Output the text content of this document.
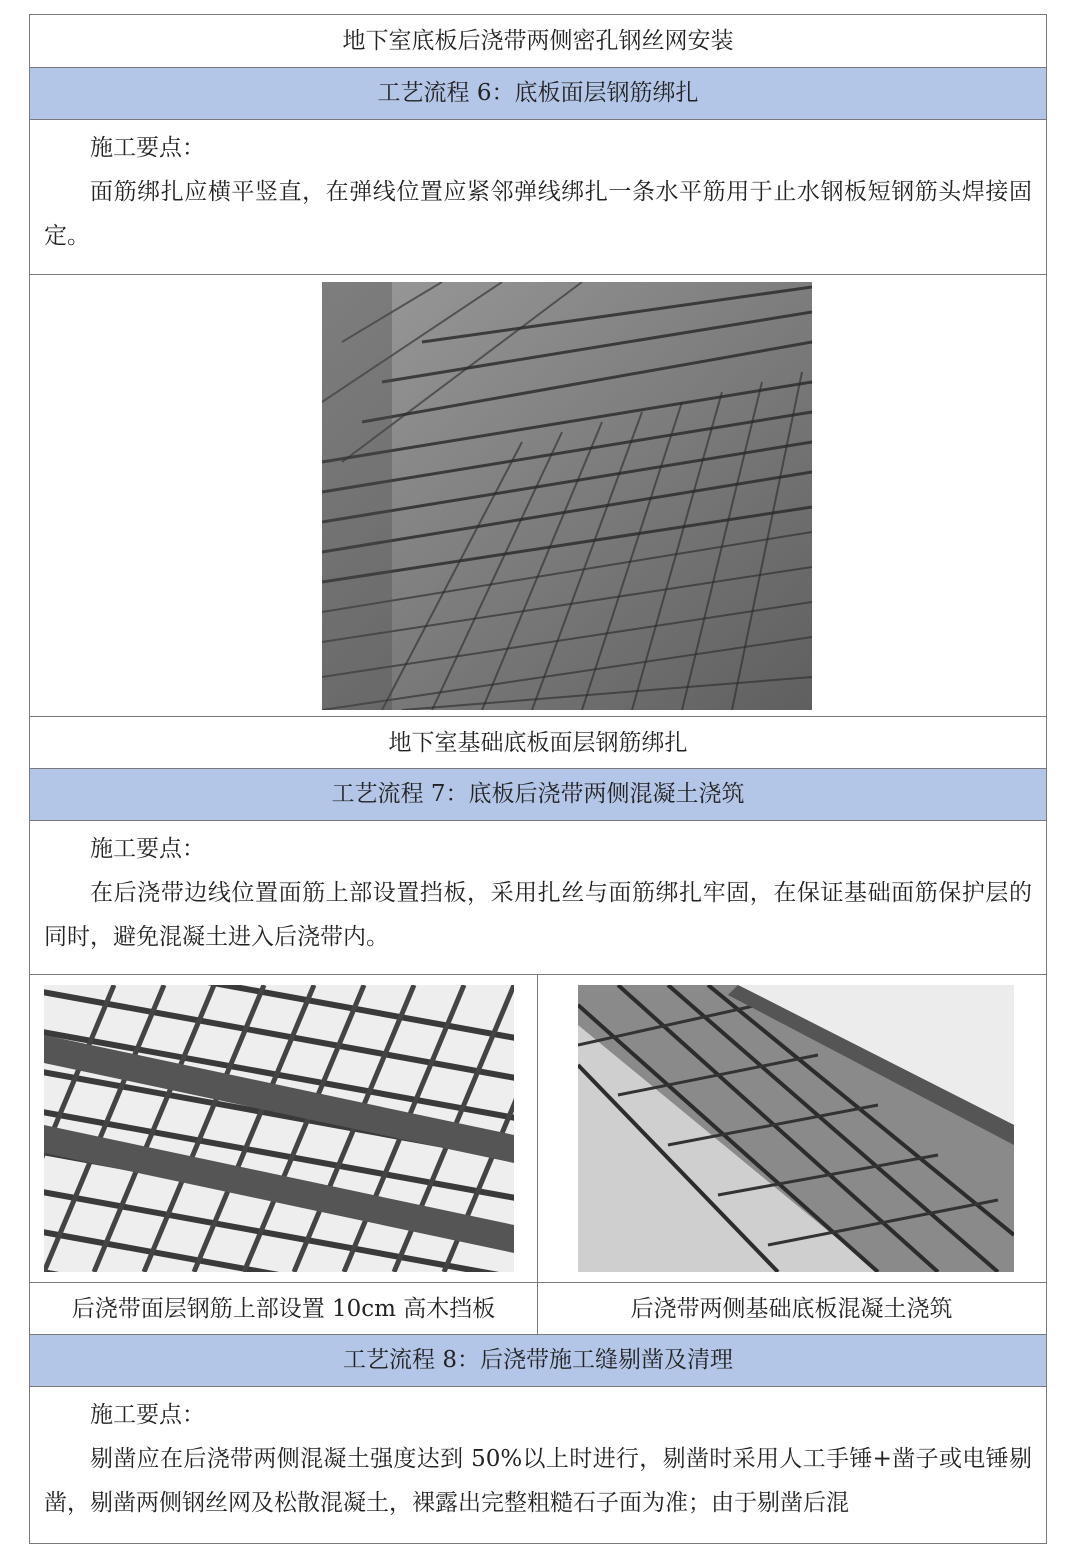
地下室底板后浇带两侧密孔钢丝网安装
工艺流程 6：底板面层钢筋绑扎

施工要点：

面筋绑扎应横平竖直，在弹线位置应紧邻弹线绑扎一条水平筋用于止水钢板短钢筋头焊接固定。

地下室基础底板面层钢筋绑扎
工艺流程 7：底板后浇带两侧混凝土浇筑

施工要点：

在后浇带边线位置面筋上部设置挡板，采用扎丝与面筋绑扎牢固，在保证基础面筋保护层的同时，避免混凝土进入后浇带内。

后浇带面层钢筋上部设置 10cm 高木挡板	后浇带两侧基础底板混凝土浇筑
工艺流程 8：后浇带施工缝剔凿及清理

施工要点：

剔凿应在后浇带两侧混凝土强度达到 50%以上时进行，剔凿时采用人工手锤+凿子或电锤剔凿，剔凿两侧钢丝网及松散混凝土，裸露出完整粗糙石子面为准；由于剔凿后混
